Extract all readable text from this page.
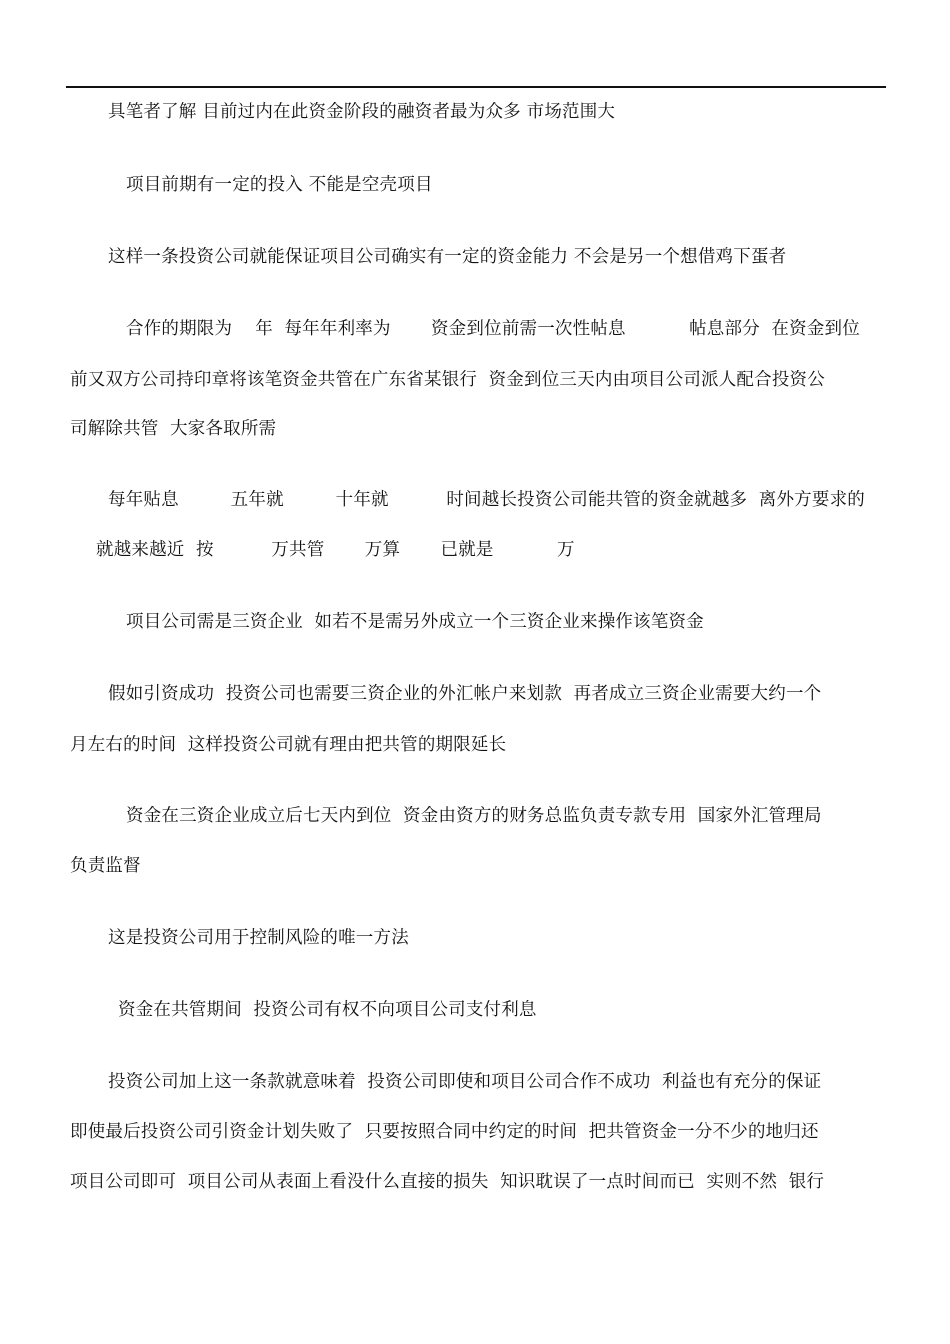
具笔者了解 目前过内在此资金阶段的融资者最为众多 市场范围大
项目前期有一定的投入 不能是空壳项目
这样一条投资公司就能保证项目公司确实有一定的资金能力 不会是另一个想借鸡下蛋者
合作的期限为    年  每年年利率为       资金到位前需一次性帖息           帖息部分  在资金到位
前又双方公司持印章将该笔资金共管在广东省某银行  资金到位三天内由项目公司派人配合投资公
司解除共管  大家各取所需
每年贴息         五年就         十年就          时间越长投资公司能共管的资金就越多  离外方要求的
就越来越近  按          万共管       万算       已就是           万
项目公司需是三资企业  如若不是需另外成立一个三资企业来操作该笔资金
假如引资成功  投资公司也需要三资企业的外汇帐户来划款  再者成立三资企业需要大约一个
月左右的时间  这样投资公司就有理由把共管的期限延长
资金在三资企业成立后七天内到位  资金由资方的财务总监负责专款专用  国家外汇管理局
负责监督
这是投资公司用于控制风险的唯一方法
资金在共管期间  投资公司有权不向项目公司支付利息
投资公司加上这一条款就意味着  投资公司即使和项目公司合作不成功  利益也有充分的保证
即使最后投资公司引资金计划失败了  只要按照合同中约定的时间  把共管资金一分不少的地归还
项目公司即可  项目公司从表面上看没什么直接的损失  知识耽误了一点时间而已  实则不然  银行
